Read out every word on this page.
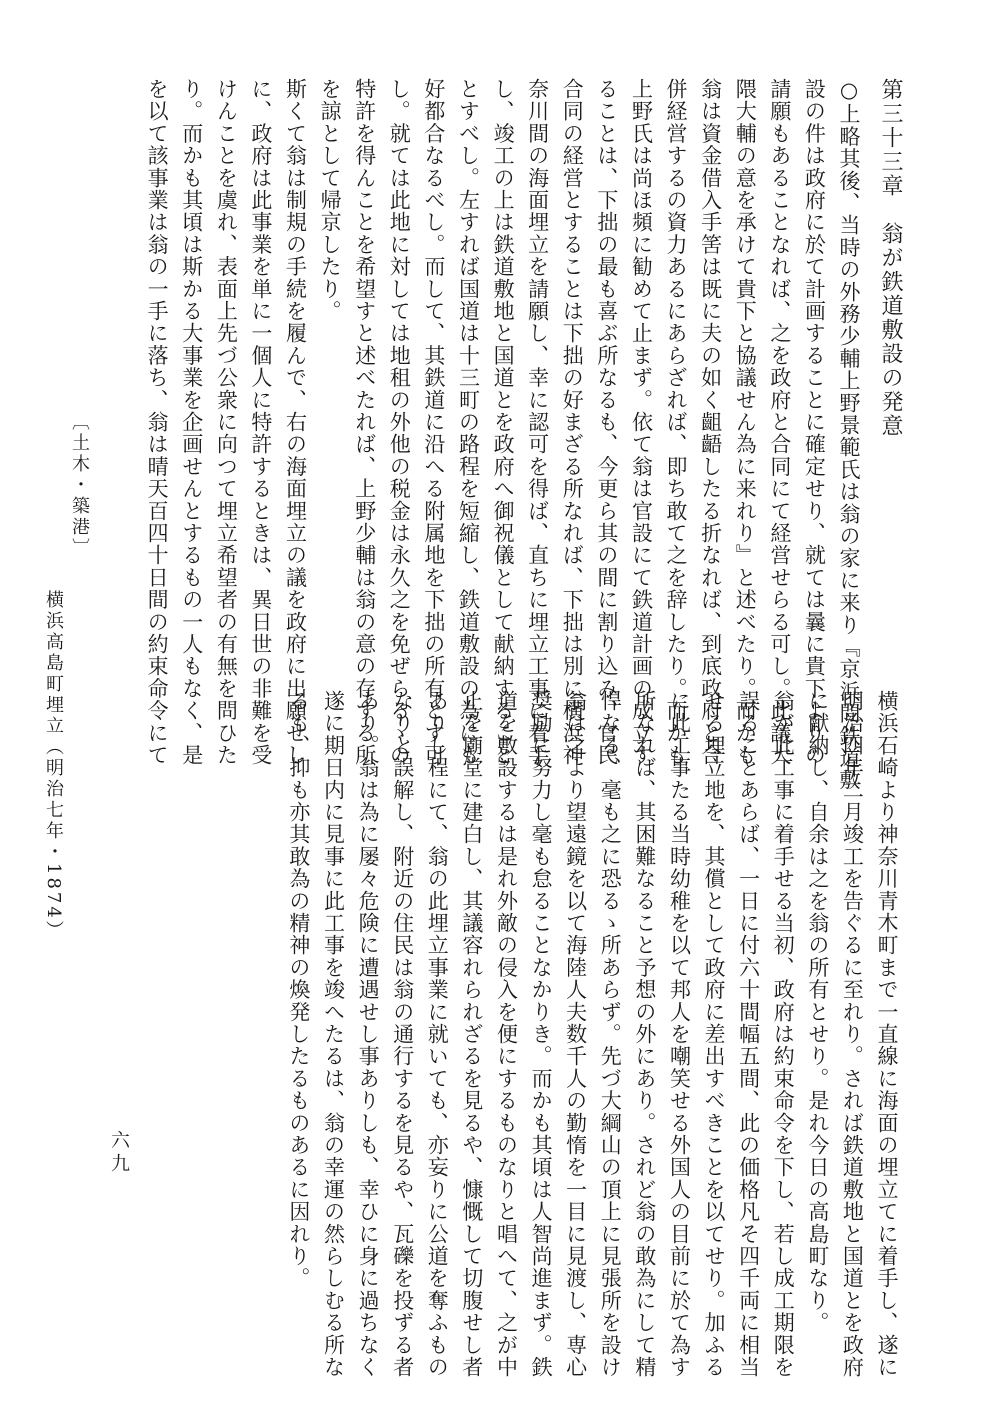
第三十三章　翁が鉄道敷設の発意
○上略其後、当時の外務少輔上野景範氏は翁の家に来り『京浜間鉄道敷
設の件は政府に於て計画することに確定せり、就ては曩に貴下よりの
請願もあることなれば、之を政府と合同にて経営せらる可し。此議大
隈大輔の意を承けて貴下と協議せん為に来れり』と述べたり。而かも
翁は資金借入手筈は既に夫の如く齟齬したる折なれば、到底政府と合
併経営するの資力あるにあらざれば、即ち敢て之を辞したり。而かも
上野氏は尚ほ頻に勧めて止まず。依て翁は官設にて鉄道計画の成立す
ることは、下拙の最も喜ぶ所なるも、今更ら其の間に割り込み、官民
合同の経営とすることは下拙の好まざる所なれば、下拙は別に横浜神
奈川間の海面埋立を請願し、幸に認可を得ば、直ちに埋立工事に着手
し、竣工の上は鉄道敷地と国道とを政府へ御祝儀として献納すること
とすべし。左すれば国道は十三町の路程を短縮し、鉄道敷設の為にも
好都合なるべし。而して、其鉄道に沿へる附属地を下拙の所有とす可
し。就ては此地に対しては地租の外他の税金は永久之を免ぜらるゝの
特許を得んことを希望すと述べたれば、上野少輔は翁の意の存する所
を諒として帰京したり。
斯くて翁は制規の手続を履んで、右の海面埋立の議を政府に出願せし
に、政府は此事業を単に一個人に特許するときは、異日世の非難を受
けんことを虞れ、表面上先づ公衆に向つて埋立希望者の有無を問ひた
り。而かも其頃は斯かる大事業を企画せんとするもの一人もなく、是
を以て該事業は翁の一手に落ち、翁は晴天百四十日間の約束命令にて
〔土木・築港〕
横浜高島町埋立（明治七年・1874）	横浜石崎より神奈川青木町まで一直線に海面の埋立てに着手し、遂に
明治四年二月竣工を告ぐるに至れり。されば鉄道敷地と国道とを政府
に献納し、自余は之を翁の所有とせり。是れ今日の高島町なり。
翁が此工事に着手せる当初、政府は約束命令を下し、若し成工期限を
誤ることあらば、一日に付六十間幅五間、此の価格凡そ四千両に相当
せる埋立地を、其償として政府に差出すべきことを以てせり。加ふる
に此工事たる当時幼稚を以て邦人を嘲笑せる外国人の目前に於て為す
所なれば、其困難なること予想の外にあり。されど翁の敢為にして精
悍なる、毫も之に恐るゝ所あらず。先づ大綱山の頂上に見張所を設け
翁は之より望遠鏡を以て海陸人夫数千人の勤惰を一目に見渡し、専心
奨励に努力し毫も怠ることなかりき。而かも其頃は人智尚進まず。鉄
道を敷設するは是れ外敵の侵入を便にするものなりと唱へて、之が中
止を廟堂に建白し、其議容れられざるを見るや、慷慨して切腹せし者
ありし程にて、翁の此埋立事業に就いても、亦妄りに公道を奪ふもの
なりと誤解し、附近の住民は翁の通行するを見るや、瓦礫を投ずる者
あり。翁は為に屡々危険に遭遇せし事ありしも、幸ひに身に過ちなく
遂に期日内に見事に此工事を竣へたるは、翁の幸運の然らしむる所な
るも、抑も亦其敢為の精神の煥発したるものあるに因れり。
六九
